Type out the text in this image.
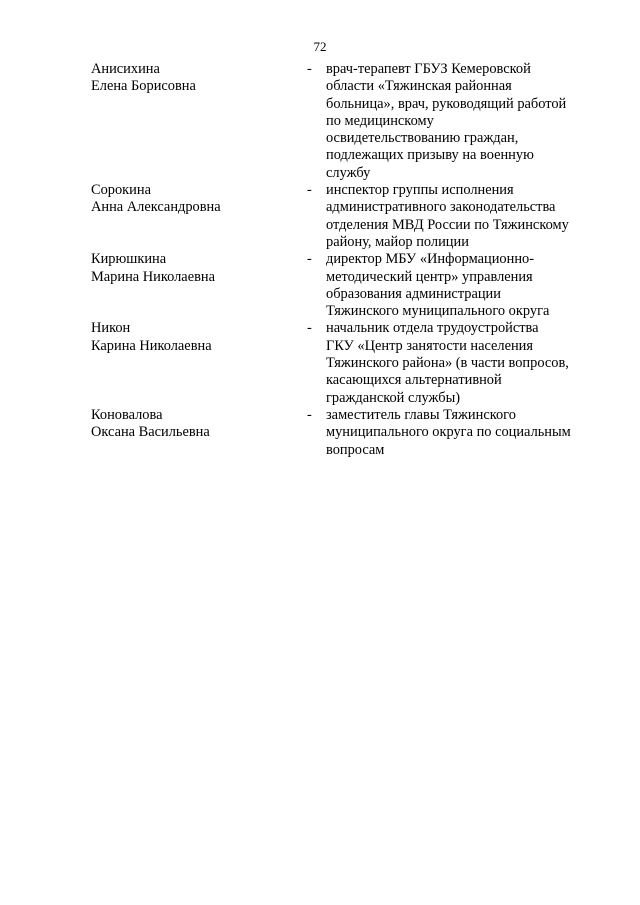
72
Анисихина
Елена Борисовна
- врач-терапевт ГБУЗ Кемеровской
области «Тяжинская районная
больница», врач, руководящий работой
по медицинскому
освидетельствованию граждан,
подлежащих призыву на военную
службу
Сорокина
Анна Александровна
- инспектор группы исполнения
административного законодательства
отделения МВД России по Тяжинскому
району, майор полиции
Кирюшкина
Марина Николаевна
- директор МБУ «Информационно-
методический центр» управления
образования администрации
Тяжинского муниципального округа
Никон
Карина Николаевна
- начальник отдела трудоустройства
ГКУ «Центр занятости населения
Тяжинского района» (в части вопросов,
касающихся альтернативной
гражданской службы)
Коновалова
Оксана Васильевна
- заместитель главы Тяжинского
муниципального округа по социальным
вопросам
